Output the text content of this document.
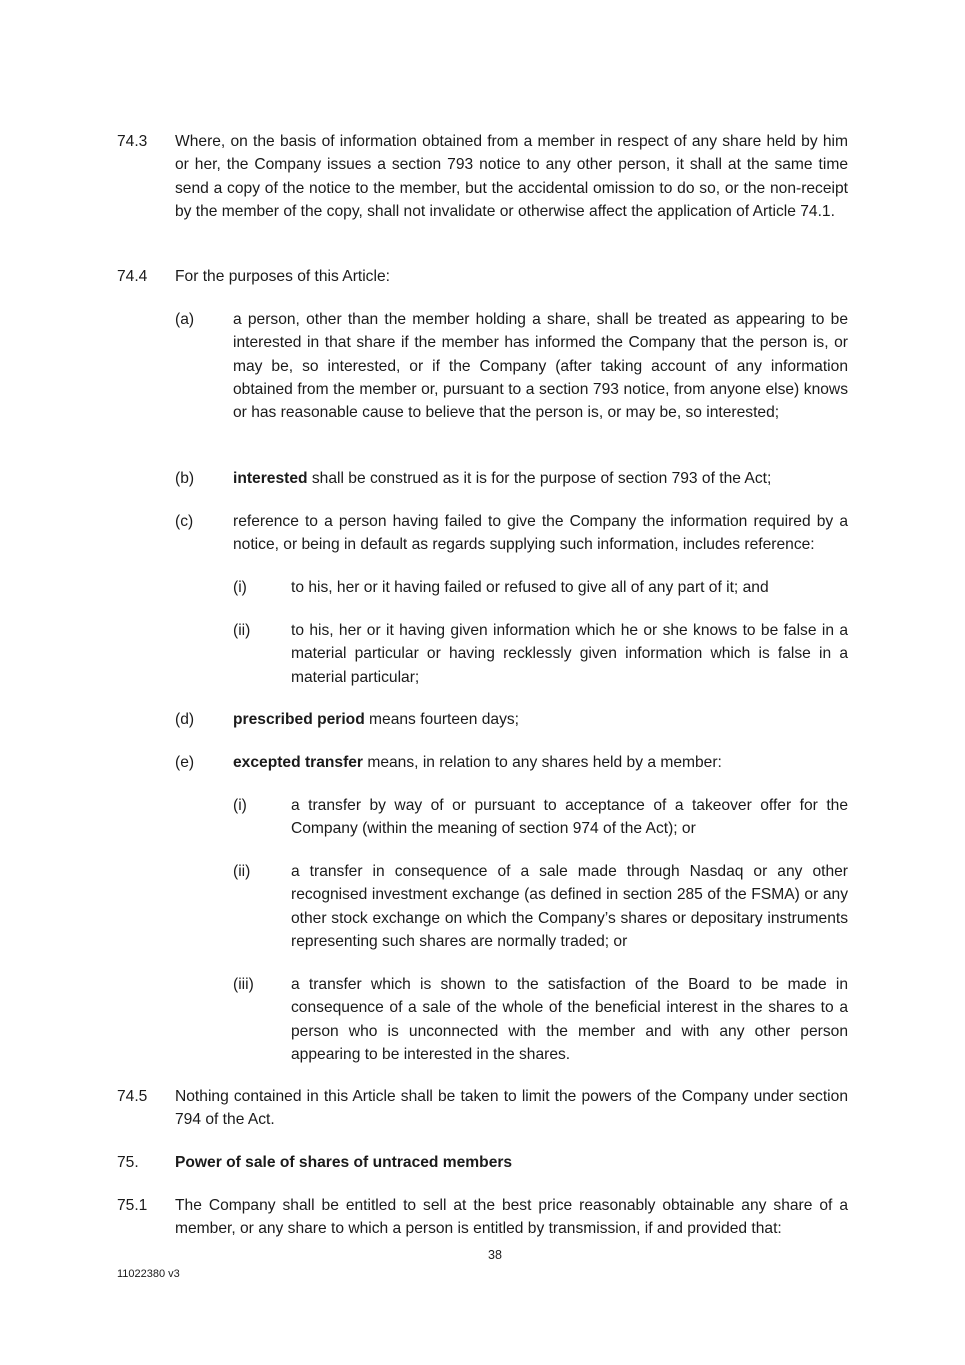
74.3 Where, on the basis of information obtained from a member in respect of any share held by him or her, the Company issues a section 793 notice to any other person, it shall at the same time send a copy of the notice to the member, but the accidental omission to do so, or the non-receipt by the member of the copy, shall not invalidate or otherwise affect the application of Article 74.1.
74.4 For the purposes of this Article:
(a) a person, other than the member holding a share, shall be treated as appearing to be interested in that share if the member has informed the Company that the person is, or may be, so interested, or if the Company (after taking account of any information obtained from the member or, pursuant to a section 793 notice, from anyone else) knows or has reasonable cause to believe that the person is, or may be, so interested;
(b) interested shall be construed as it is for the purpose of section 793 of the Act;
(c)	reference to a person having failed to give the Company the information required by a notice, or being in default as regards supplying such information, includes reference:
(i)	to his, her or it having failed or refused to give all of any part of it; and
(ii)	to his, her or it having given information which he or she knows to be false in a material particular or having recklessly given information which is false in a material particular;
(d) prescribed period means fourteen days;
(e) excepted transfer means, in relation to any shares held by a member:
(i)	a transfer by way of or pursuant to acceptance of a takeover offer for the Company (within the meaning of section 974 of the Act); or
(ii)	a transfer in consequence of a sale made through Nasdaq or any other recognised investment exchange (as defined in section 285 of the FSMA) or any other stock exchange on which the Company’s shares or depositary instruments representing such shares are normally traded; or
(iii) a transfer which is shown to the satisfaction of the Board to be made in consequence of a sale of the whole of the beneficial interest in the shares to a person who is unconnected with the member and with any other person appearing to be interested in the shares.
74.5 Nothing contained in this Article shall be taken to limit the powers of the Company under section 794 of the Act.
75. Power of sale of shares of untraced members
75.1 The Company shall be entitled to sell at the best price reasonably obtainable any share of a member, or any share to which a person is entitled by transmission, if and provided that:
38
11022380 v3
